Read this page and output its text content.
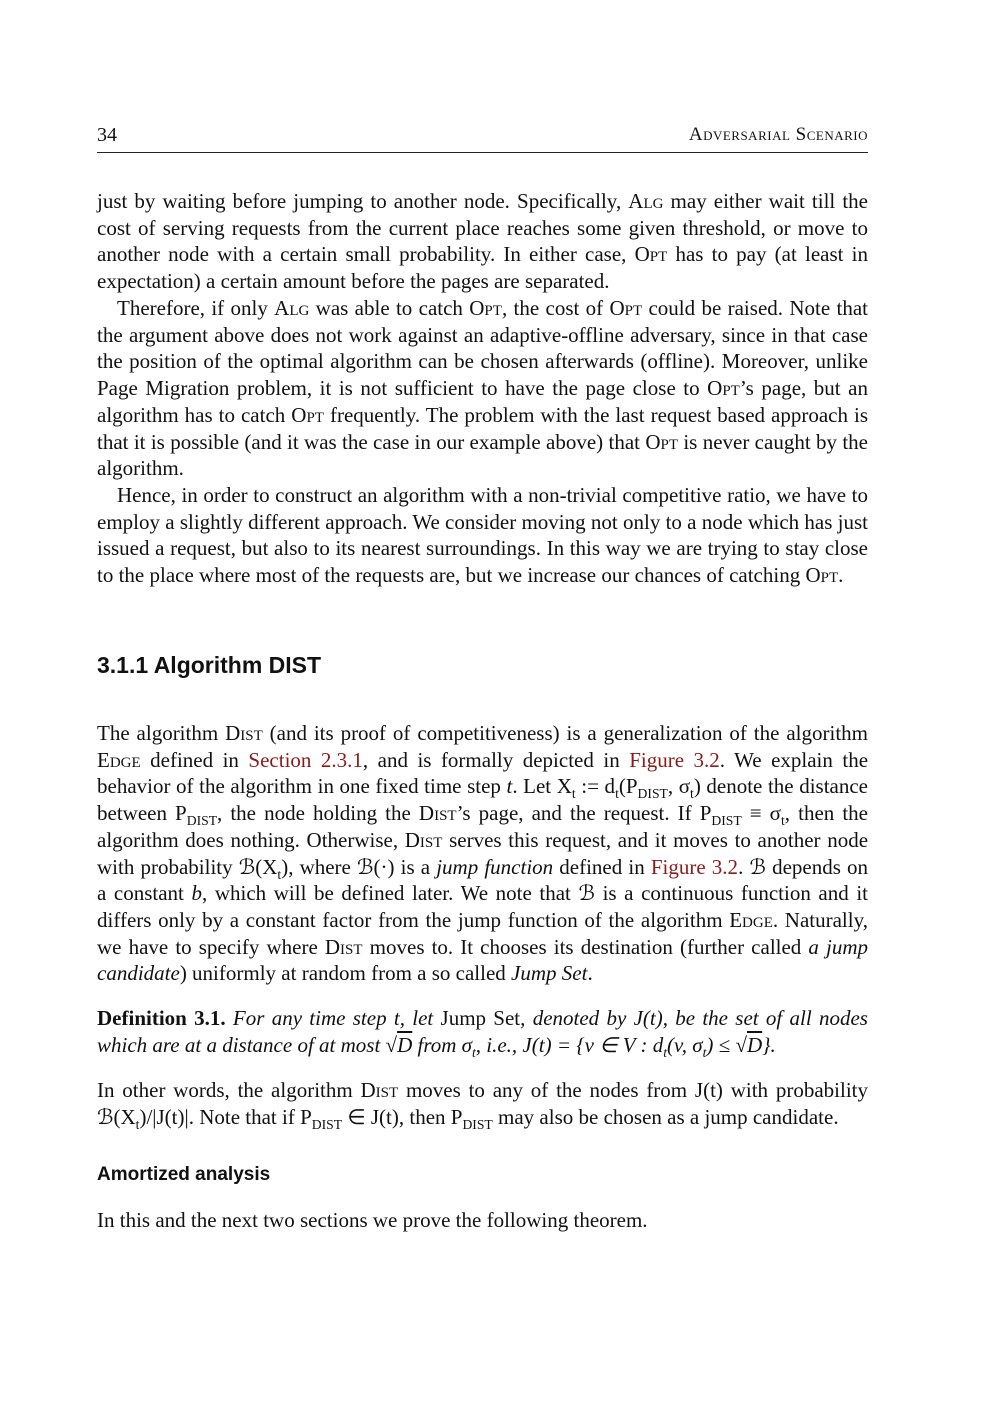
34	Adversarial Scenario

just by waiting before jumping to another node. Specifically, Alg may either wait till the cost of serving requests from the current place reaches some given threshold, or move to another node with a certain small probability. In either case, Opt has to pay (at least in expectation) a certain amount before the pages are separated.

Therefore, if only Alg was able to catch Opt, the cost of Opt could be raised. Note that the argument above does not work against an adaptive-offline adversary, since in that case the position of the optimal algorithm can be chosen afterwards (offline). Moreover, unlike Page Migration problem, it is not sufficient to have the page close to Opt’s page, but an algorithm has to catch Opt frequently. The problem with the last request based approach is that it is possible (and it was the case in our example above) that Opt is never caught by the algorithm.

Hence, in order to construct an algorithm with a non-trivial competitive ratio, we have to employ a slightly different approach. We consider moving not only to a node which has just issued a request, but also to its nearest surroundings. In this way we are trying to stay close to the place where most of the requests are, but we increase our chances of catching Opt.

3.1.1 Algorithm DIST

The algorithm Dist (and its proof of competitiveness) is a generalization of the algorithm Edge defined in Section 2.3.1, and is formally depicted in Figure 3.2. We explain the behavior of the algorithm in one fixed time step t. Let $X_t$ := $d_t(P_{DIST}$, $\sigma_t$) denote the distance between $P_{DIST}$, the node holding the Dist’s page, and the request. If $P_{DIST} \equiv \sigma_t$, then the algorithm does nothing. Otherwise, Dist serves this request, and it moves to another node with probability $ℬ(X_t)$, where ℬ(·) is a jump function defined in Figure 3.2. ℬ depends on a constant b, which will be defined later. We note that ℬ is a continuous function and it differs only by a constant factor from the jump function of the algorithm Edge. Naturally, we have to specify where Dist moves to. It chooses its destination (further called a jump candidate) uniformly at random from a so called Jump Set.

Definition 3.1. For any time step t, let Jump Set, denoted by J(t), be the set of all nodes which are at a distance of at most √D from $\sigma_t$, i.e., J(t) = {v ∈ V : $d_t(v$, $\sigma_t) \le √D$}.

In other words, the algorithm Dist moves to any of the nodes from J(t) with probability $ℬ(X_t)/|J(t)|$. Note that if $P_{DIST}$ ∈ J(t), then $P_{DIST}$ may also be chosen as a jump candidate.

Amortized analysis

In this and the next two sections we prove the following theorem.
